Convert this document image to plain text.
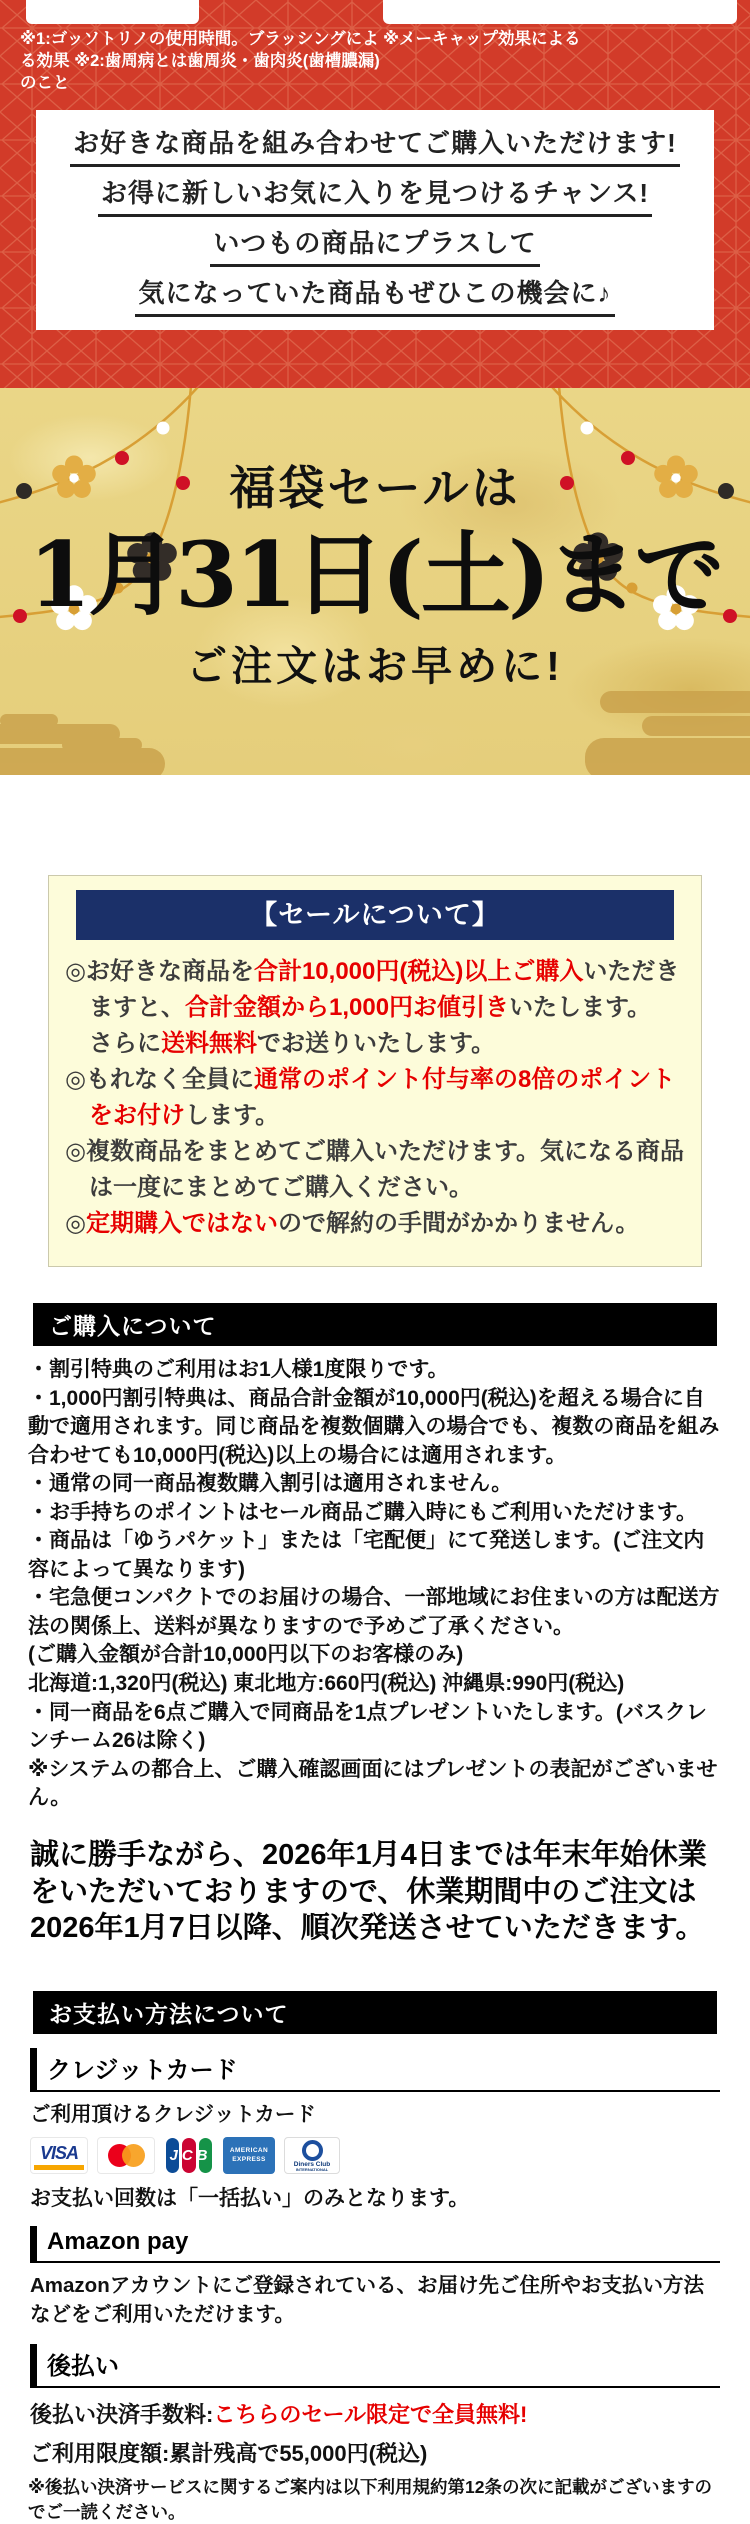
※1:ゴッソトリノの使用時間。ブラッシングによる効果 ※2:歯周病とは歯周炎・歯肉炎(歯槽膿漏)のこと
※メーキャップ効果による
お好きな商品を組み合わせてご購入いただけます!
お得に新しいお気に入りを見つけるチャンス!
いつもの商品にプラスして
気になっていた商品もぜひこの機会に♪
福袋セールは
1月31日(土)まで
ご注文はお早めに!
【セールについて】
◎お好きな商品を合計10,000円(税込)以上ご購入いただきますと、合計金額から1,000円お値引きいたします。
さらに送料無料でお送りいたします。
◎もれなく全員に通常のポイント付与率の8倍のポイントをお付けします。
◎複数商品をまとめてご購入いただけます。気になる商品は一度にまとめてご購入ください。
◎定期購入ではないので解約の手間がかかりません。
ご購入について
・割引特典のご利用はお1人様1度限りです。
・1,000円割引特典は、商品合計金額が10,000円(税込)を超える場合に自動で適用されます。同じ商品を複数個購入の場合でも、複数の商品を組み合わせても10,000円(税込)以上の場合には適用されます。
・通常の同一商品複数購入割引は適用されません。
・お手持ちのポイントはセール商品ご購入時にもご利用いただけます。
・商品は「ゆうパケット」または「宅配便」にて発送します。(ご注文内容によって異なります)
・宅急便コンパクトでのお届けの場合、一部地域にお住まいの方は配送方法の関係上、送料が異なりますので予めご了承ください。
(ご購入金額が合計10,000円以下のお客様のみ)
北海道:1,320円(税込) 東北地方:660円(税込) 沖縄県:990円(税込)
・同一商品を6点ご購入で同商品を1点プレゼントいたします。(バスクレンチーム26は除く)
※システムの都合上、ご購入確認画面にはプレゼントの表記がございません。
誠に勝手ながら、2026年1月4日までは年末年始休業をいただいておりますので、休業期間中のご注文は2026年1月7日以降、順次発送させていただきます。
お支払い方法について
クレジットカード
ご利用頂けるクレジットカード
VISA	JCB	AMERICAN
EXPRESS
Diners Club
INTERNATIONAL
お支払い回数は「一括払い」のみとなります。
Amazon pay
Amazonアカウントにご登録されている、お届け先ご住所やお支払い方法などをご利用いただけます。
後払い
後払い決済手数料:こちらのセール限定で全員無料!
ご利用限度額:累計残高で55,000円(税込)
※後払い決済サービスに関するご案内は以下利用規約第12条の次に記載がございますのでご一読ください。
